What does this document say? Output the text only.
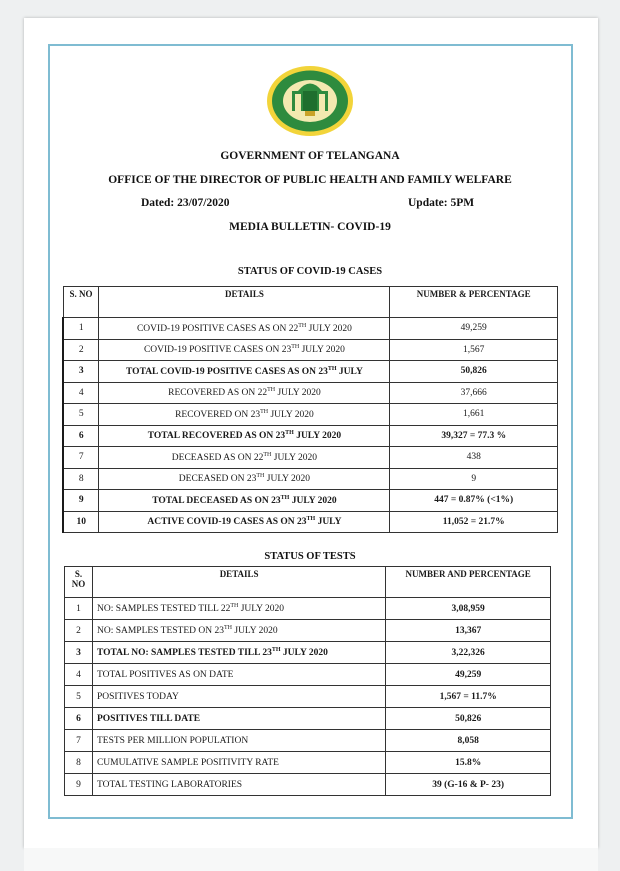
GOVERNMENT OF TELANGANA
OFFICE OF THE DIRECTOR OF PUBLIC HEALTH AND FAMILY WELFARE
Dated: 23/07/2020	Update: 5PM
MEDIA BULLETIN- COVID-19
STATUS OF COVID-19 CASES
S. NO	DETAILS	NUMBER & PERCENTAGE
1	COVID-19 POSITIVE CASES AS ON 22TH JULY 2020	49,259
2	COVID-19 POSITIVE CASES ON 23TH JULY 2020	1,567
3	TOTAL COVID-19 POSITIVE CASES AS ON 23TH JULY	50,826
4	RECOVERED AS ON 22TH JULY 2020	37,666
5	RECOVERED ON 23TH JULY 2020	1,661
6	TOTAL RECOVERED AS ON 23TH JULY 2020	39,327 = 77.3 %
7	DECEASED AS ON 22TH JULY 2020	438
8	DECEASED ON 23TH JULY 2020	9
9	TOTAL DECEASED AS ON 23TH JULY 2020	447 = 0.87% (<1%)
10	ACTIVE COVID-19 CASES AS ON 23TH JULY	11,052 = 21.7%
STATUS OF TESTS
S. NO	DETAILS	NUMBER AND PERCENTAGE
1	NO: SAMPLES TESTED TILL 22TH JULY 2020	3,08,959
2	NO: SAMPLES TESTED ON 23TH JULY 2020	13,367
3	TOTAL NO: SAMPLES TESTED TILL 23TH JULY 2020	3,22,326
4	TOTAL POSITIVES AS ON DATE	49,259
5	POSITIVES TODAY	1,567 = 11.7%
6	POSITIVES TILL DATE	50,826
7	TESTS PER MILLION POPULATION	8,058
8	CUMULATIVE SAMPLE POSITIVITY RATE	15.8%
9	TOTAL TESTING LABORATORIES	39 (G-16 & P- 23)
